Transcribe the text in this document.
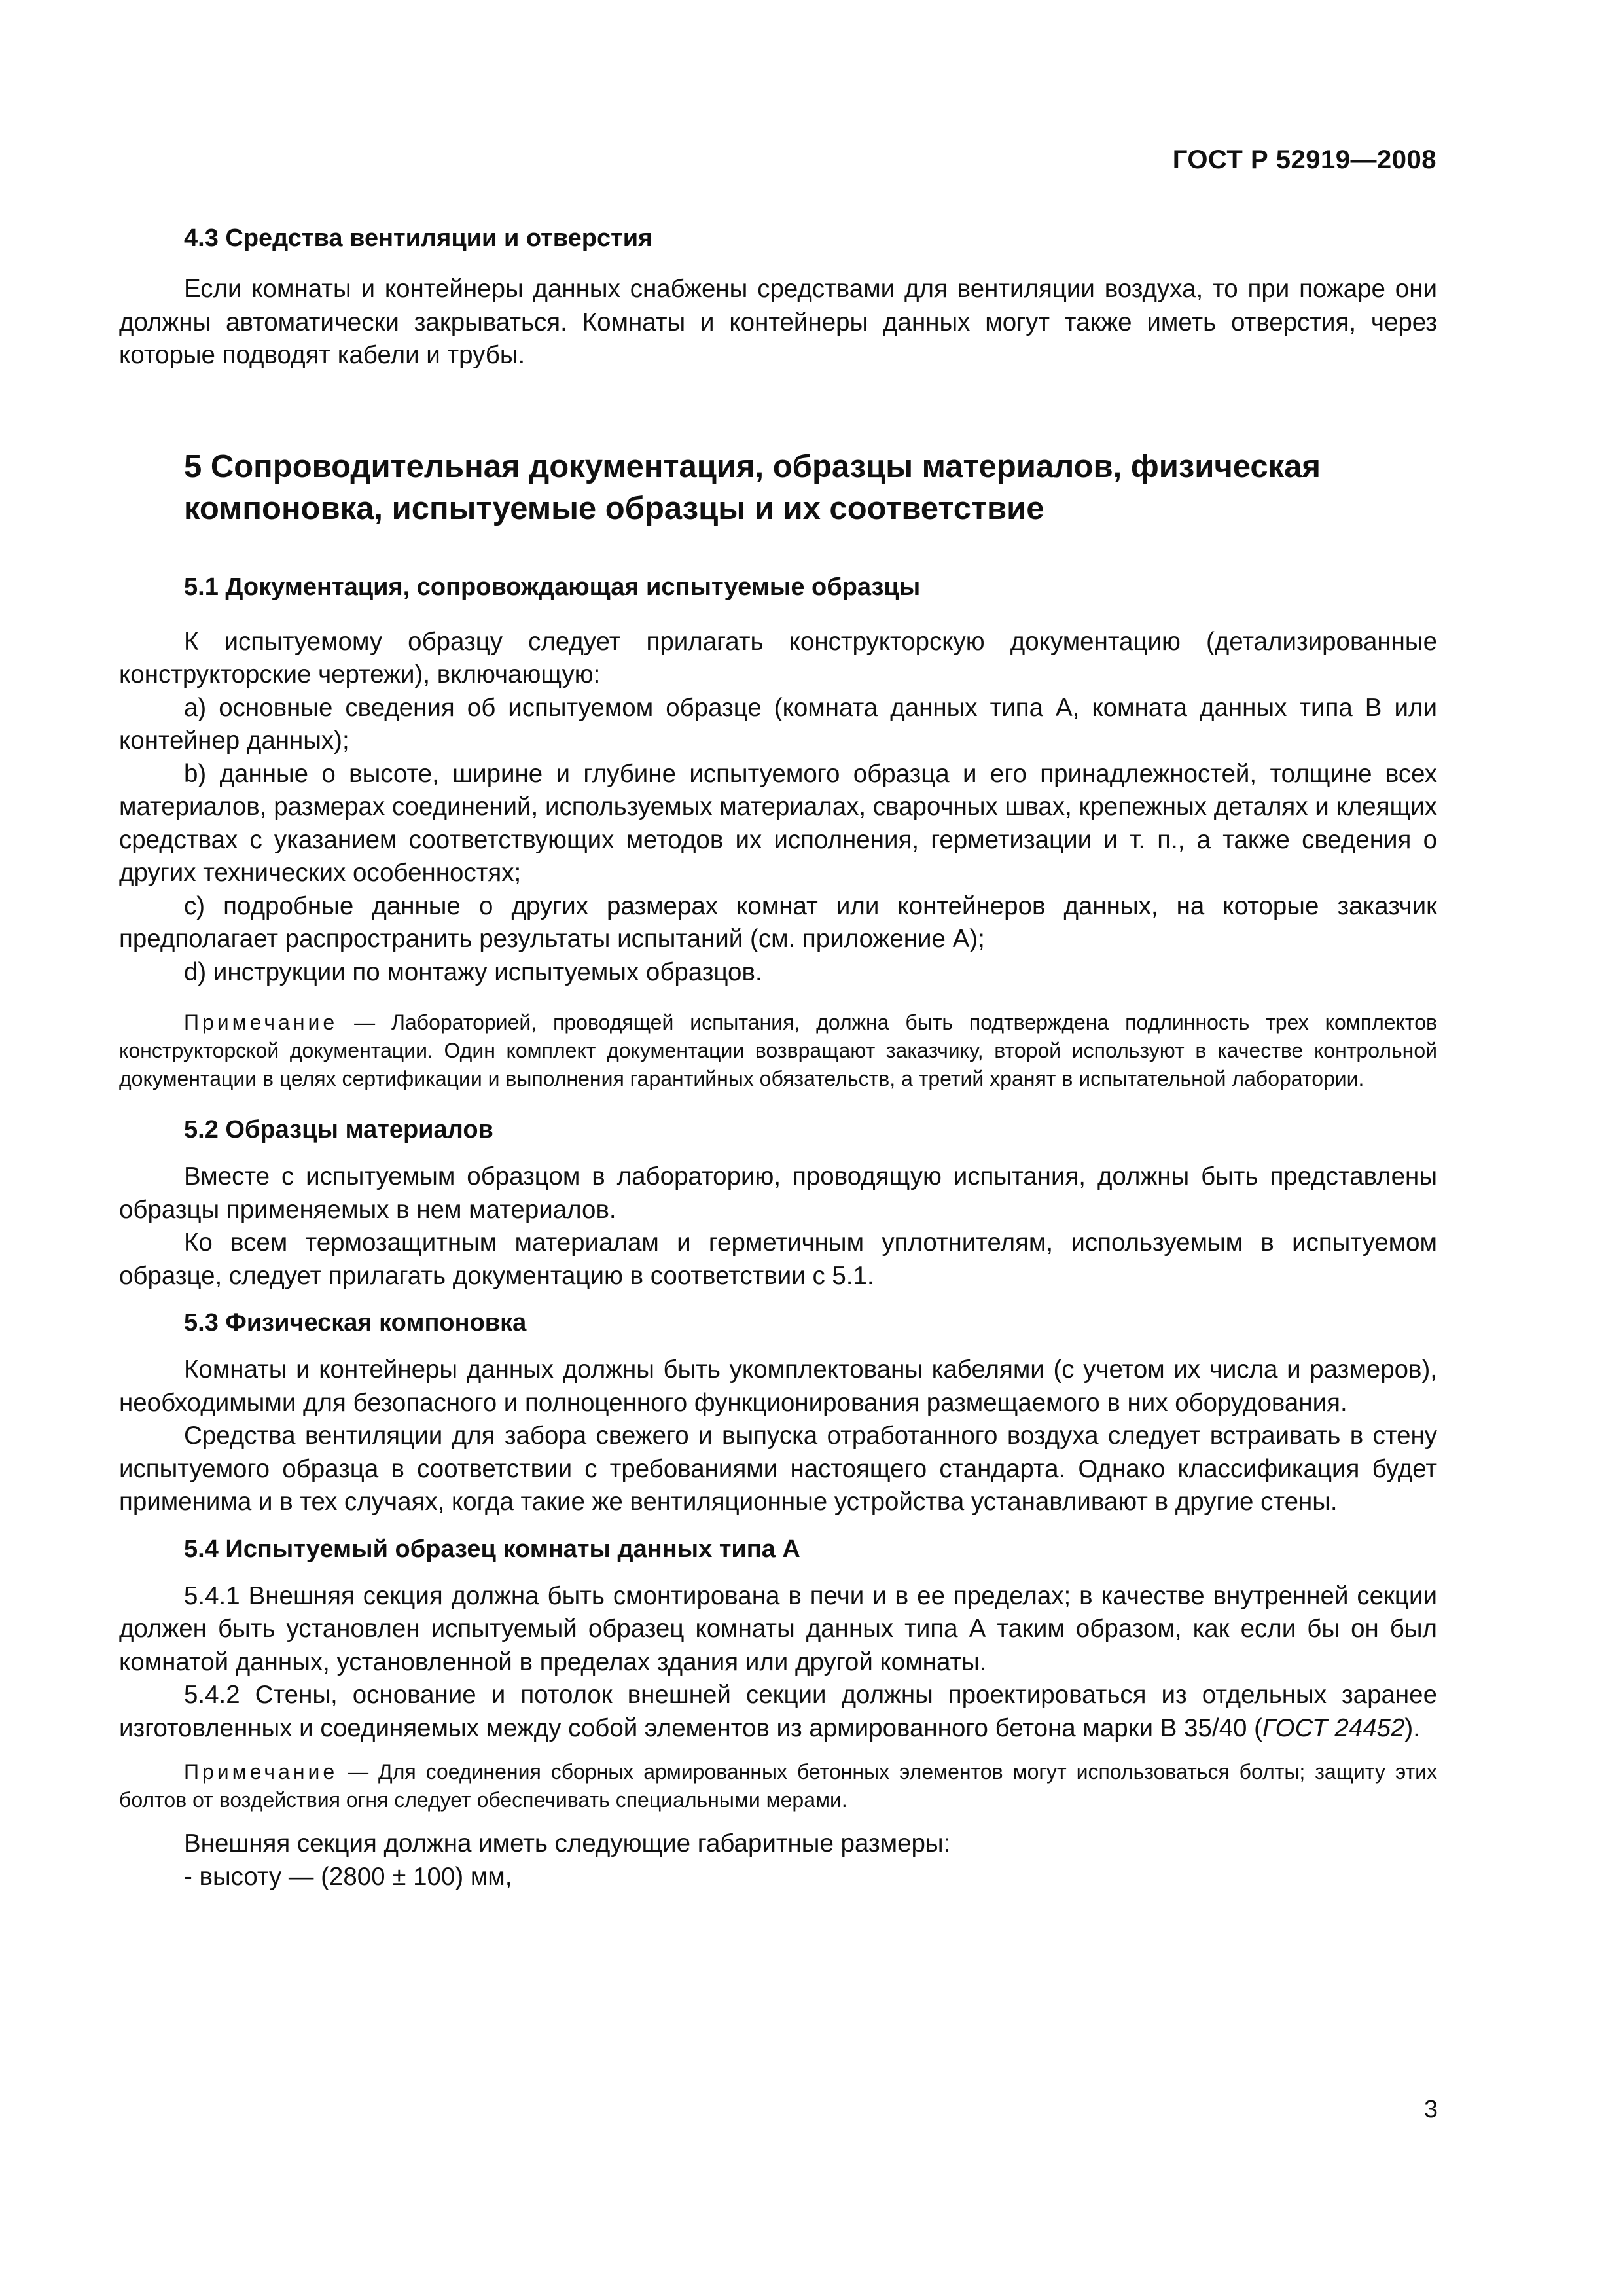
ГОСТ Р 52919—2008
4.3 Средства вентиляции и отверстия

Если комнаты и контейнеры данных снабжены средствами для вентиляции воздуха, то при пожаре они должны автоматически закрываться. Комнаты и контейнеры данных могут также иметь отверстия, через которые подводят кабели и трубы.

5 Сопроводительная документация, образцы материалов, физическая компоновка, испытуемые образцы и их соответствие
5.1 Документация, сопровождающая испытуемые образцы

К испытуемому образцу следует прилагать конструкторскую документацию (детализированные конструкторские чертежи), включающую:

a) основные сведения об испытуемом образце (комната данных типа А, комната данных типа В или контейнер данных);

b) данные о высоте, ширине и глубине испытуемого образца и его принадлежностей, толщине всех материалов, размерах соединений, используемых материалах, сварочных швах, крепежных деталях и клеящих средствах с указанием соответствующих методов их исполнения, герметизации и т. п., а также сведения о других технических особенностях;

c) подробные данные о других размерах комнат или контейнеров данных, на которые заказчик предполагает распространить результаты испытаний (см. приложение А);

d) инструкции по монтажу испытуемых образцов.

Примечание — Лабораторией, проводящей испытания, должна быть подтверждена подлинность трех комплектов конструкторской документации. Один комплект документации возвращают заказчику, второй используют в качестве контрольной документации в целях сертификации и выполнения гарантийных обязательств, а третий хранят в испытательной лаборатории.

5.2 Образцы материалов

Вместе с испытуемым образцом в лабораторию, проводящую испытания, должны быть представлены образцы применяемых в нем материалов.

Ко всем термозащитным материалам и герметичным уплотнителям, используемым в испытуемом образце, следует прилагать документацию в соответствии с 5.1.

5.3 Физическая компоновка

Комнаты и контейнеры данных должны быть укомплектованы кабелями (с учетом их числа и размеров), необходимыми для безопасного и полноценного функционирования размещаемого в них оборудования.

Средства вентиляции для забора свежего и выпуска отработанного воздуха следует встраивать в стену испытуемого образца в соответствии с требованиями настоящего стандарта. Однако классификация будет применима и в тех случаях, когда такие же вентиляционные устройства устанавливают в другие стены.

5.4 Испытуемый образец комнаты данных типа А

5.4.1 Внешняя секция должна быть смонтирована в печи и в ее пределах; в качестве внутренней секции должен быть установлен испытуемый образец комнаты данных типа А таким образом, как если бы он был комнатой данных, установленной в пределах здания или другой комнаты.

5.4.2 Стены, основание и потолок внешней секции должны проектироваться из отдельных заранее изготовленных и соединяемых между собой элементов из армированного бетона марки В 35/40 (ГОСТ 24452).

Примечание — Для соединения сборных армированных бетонных элементов могут использоваться болты; защиту этих болтов от воздействия огня следует обеспечивать специальными мерами.

Внешняя секция должна иметь следующие габаритные размеры:

- высоту — (2800 ± 100) мм,

3
